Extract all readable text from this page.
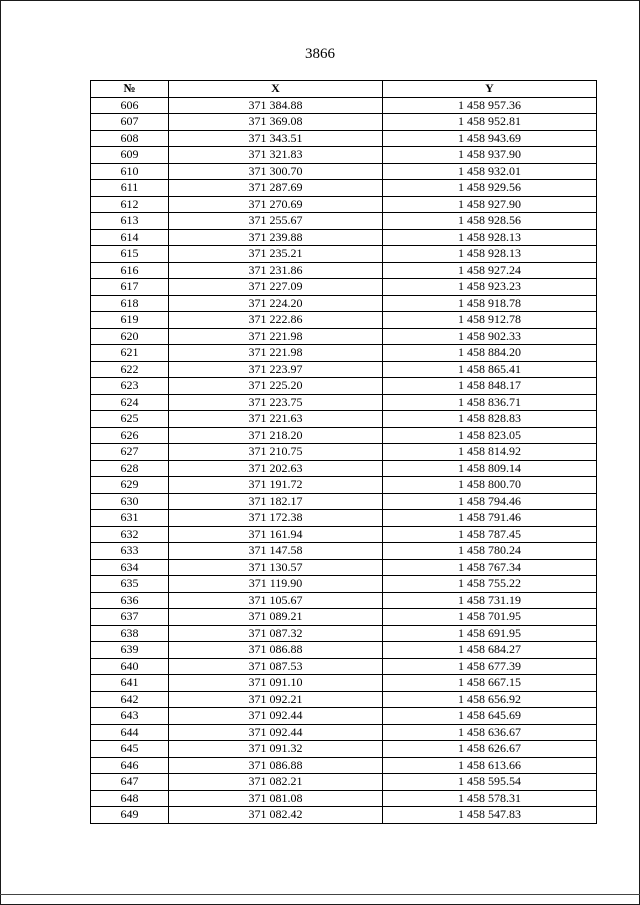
3866
№	X	Y
606	371 384.88	1 458 957.36
607	371 369.08	1 458 952.81
608	371 343.51	1 458 943.69
609	371 321.83	1 458 937.90
610	371 300.70	1 458 932.01
611	371 287.69	1 458 929.56
612	371 270.69	1 458 927.90
613	371 255.67	1 458 928.56
614	371 239.88	1 458 928.13
615	371 235.21	1 458 928.13
616	371 231.86	1 458 927.24
617	371 227.09	1 458 923.23
618	371 224.20	1 458 918.78
619	371 222.86	1 458 912.78
620	371 221.98	1 458 902.33
621	371 221.98	1 458 884.20
622	371 223.97	1 458 865.41
623	371 225.20	1 458 848.17
624	371 223.75	1 458 836.71
625	371 221.63	1 458 828.83
626	371 218.20	1 458 823.05
627	371 210.75	1 458 814.92
628	371 202.63	1 458 809.14
629	371 191.72	1 458 800.70
630	371 182.17	1 458 794.46
631	371 172.38	1 458 791.46
632	371 161.94	1 458 787.45
633	371 147.58	1 458 780.24
634	371 130.57	1 458 767.34
635	371 119.90	1 458 755.22
636	371 105.67	1 458 731.19
637	371 089.21	1 458 701.95
638	371 087.32	1 458 691.95
639	371 086.88	1 458 684.27
640	371 087.53	1 458 677.39
641	371 091.10	1 458 667.15
642	371 092.21	1 458 656.92
643	371 092.44	1 458 645.69
644	371 092.44	1 458 636.67
645	371 091.32	1 458 626.67
646	371 086.88	1 458 613.66
647	371 082.21	1 458 595.54
648	371 081.08	1 458 578.31
649	371 082.42	1 458 547.83
